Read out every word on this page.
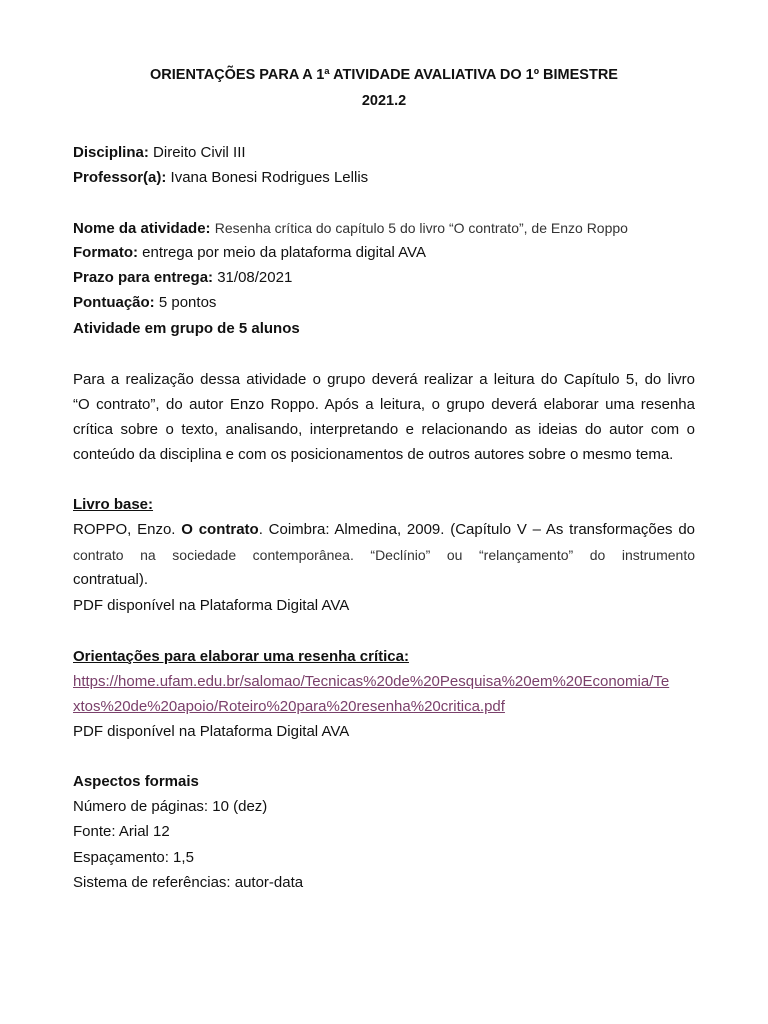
ORIENTAÇÕES PARA A 1ª ATIVIDADE AVALIATIVA DO 1º BIMESTRE
2021.2
Disciplina: Direito Civil III
Professor(a): Ivana Bonesi Rodrigues Lellis
Nome da atividade: Resenha crítica do capítulo 5 do livro “O contrato”, de Enzo Roppo
Formato: entrega por meio da plataforma digital AVA
Prazo para entrega: 31/08/2021
Pontuação: 5 pontos
Atividade em grupo de 5 alunos
Para a realização dessa atividade o grupo deverá realizar a leitura do Capítulo 5, do livro
“O contrato”, do autor Enzo Roppo. Após a leitura, o grupo deverá elaborar uma resenha
crítica sobre o texto, analisando, interpretando e relacionando as ideias do autor com o
conteúdo da disciplina e com os posicionamentos de outros autores sobre o mesmo tema.
Livro base:
ROPPO, Enzo. O contrato. Coimbra: Almedina, 2009. (Capítulo V – As transformações do
contrato na sociedade contemporânea. “Declínio” ou “relançamento” do instrumento
contratual).
PDF disponível na Plataforma Digital AVA
Orientações para elaborar uma resenha crítica:
https://home.ufam.edu.br/salomao/Tecnicas%20de%20Pesquisa%20em%20Economia/Te
xtos%20de%20apoio/Roteiro%20para%20resenha%20critica.pdf
PDF disponível na Plataforma Digital AVA
Aspectos formais
Número de páginas: 10 (dez)
Fonte: Arial 12
Espaçamento: 1,5
Sistema de referências: autor-data
